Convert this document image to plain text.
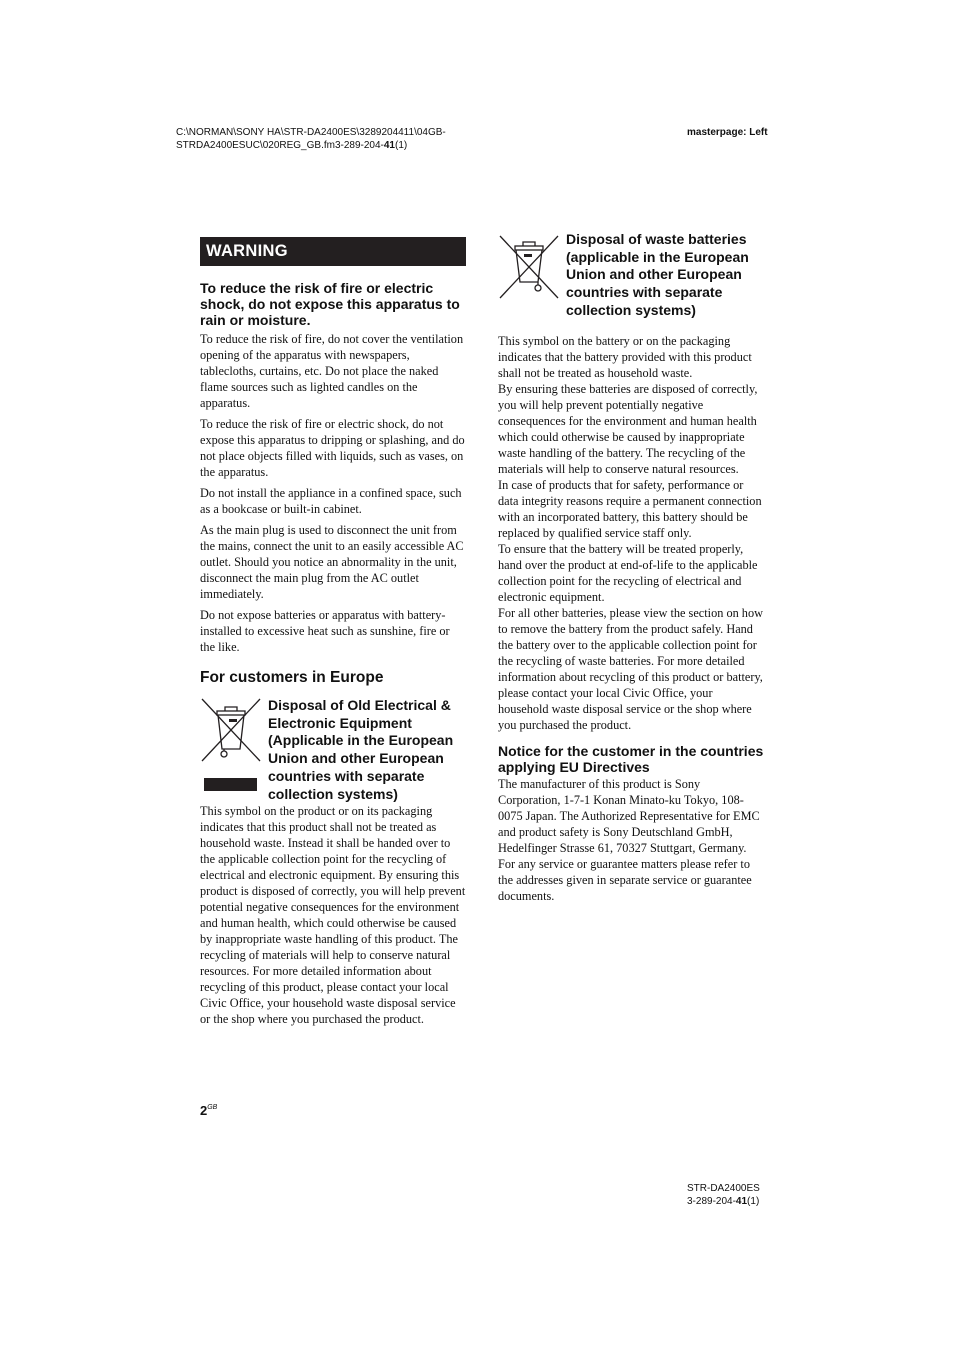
C:\NORMAN\SONY HA\STR-DA2400ES\3289204411\04GB-
STRDA2400ESUC\020REG_GB.fm3-289-204-41(1)
masterpage: Left
WARNING
To reduce the risk of fire or electric shock, do not expose this apparatus to rain or moisture.

To reduce the risk of fire, do not cover the ventilation opening of the apparatus with newspapers, tablecloths, curtains, etc. Do not place the naked flame sources such as lighted candles on the apparatus.

To reduce the risk of fire or electric shock, do not expose this apparatus to dripping or splashing, and do not place objects filled with liquids, such as vases, on the apparatus.

Do not install the appliance in a confined space, such as a bookcase or built-in cabinet.

As the main plug is used to disconnect the unit from the mains, connect the unit to an easily accessible AC outlet. Should you notice an abnormality in the unit, disconnect the main plug from the AC outlet immediately.

Do not expose batteries or apparatus with battery-installed to excessive heat such as sunshine, fire or the like.

For customers in Europe
Disposal of Old Electrical & Electronic Equipment (Applicable in the European Union and other European countries with separate collection systems)

This symbol on the product or on its packaging indicates that this product shall not be treated as household waste. Instead it shall be handed over to the applicable collection point for the recycling of electrical and electronic equipment. By ensuring this product is disposed of correctly, you will help prevent potential negative consequences for the environment and human health, which could otherwise be caused by inappropriate waste handling of this product. The recycling of materials will help to conserve natural resources. For more detailed information about recycling of this product, please contact your local Civic Office, your household waste disposal service or the shop where you purchased the product.

Disposal of waste batteries (applicable in the European Union and other European countries with separate collection systems)

This symbol on the battery or on the packaging indicates that the battery provided with this product shall not be treated as household waste.

By ensuring these batteries are disposed of correctly, you will help prevent potentially negative consequences for the environment and human health which could otherwise be caused by inappropriate waste handling of the battery. The recycling of the materials will help to conserve natural resources.

In case of products that for safety, performance or data integrity reasons require a permanent connection with an incorporated battery, this battery should be replaced by qualified service staff only.

To ensure that the battery will be treated properly, hand over the product at end-of-life to the applicable collection point for the recycling of electrical and electronic equipment.

For all other batteries, please view the section on how to remove the battery from the product safely. Hand the battery over to the applicable collection point for the recycling of waste batteries. For more detailed information about recycling of this product or battery, please contact your local Civic Office, your household waste disposal service or the shop where you purchased the product.

Notice for the customer in the countries applying EU Directives

The manufacturer of this product is Sony Corporation, 1-7-1 Konan Minato-ku Tokyo, 108-0075 Japan. The Authorized Representative for EMC and product safety is Sony Deutschland GmbH, Hedelfinger Strasse 61, 70327 Stuttgart, Germany. For any service or guarantee matters please refer to the addresses given in separate service or guarantee documents.

$2^{GB}$
STR-DA2400ES
3-289-204-41(1)
